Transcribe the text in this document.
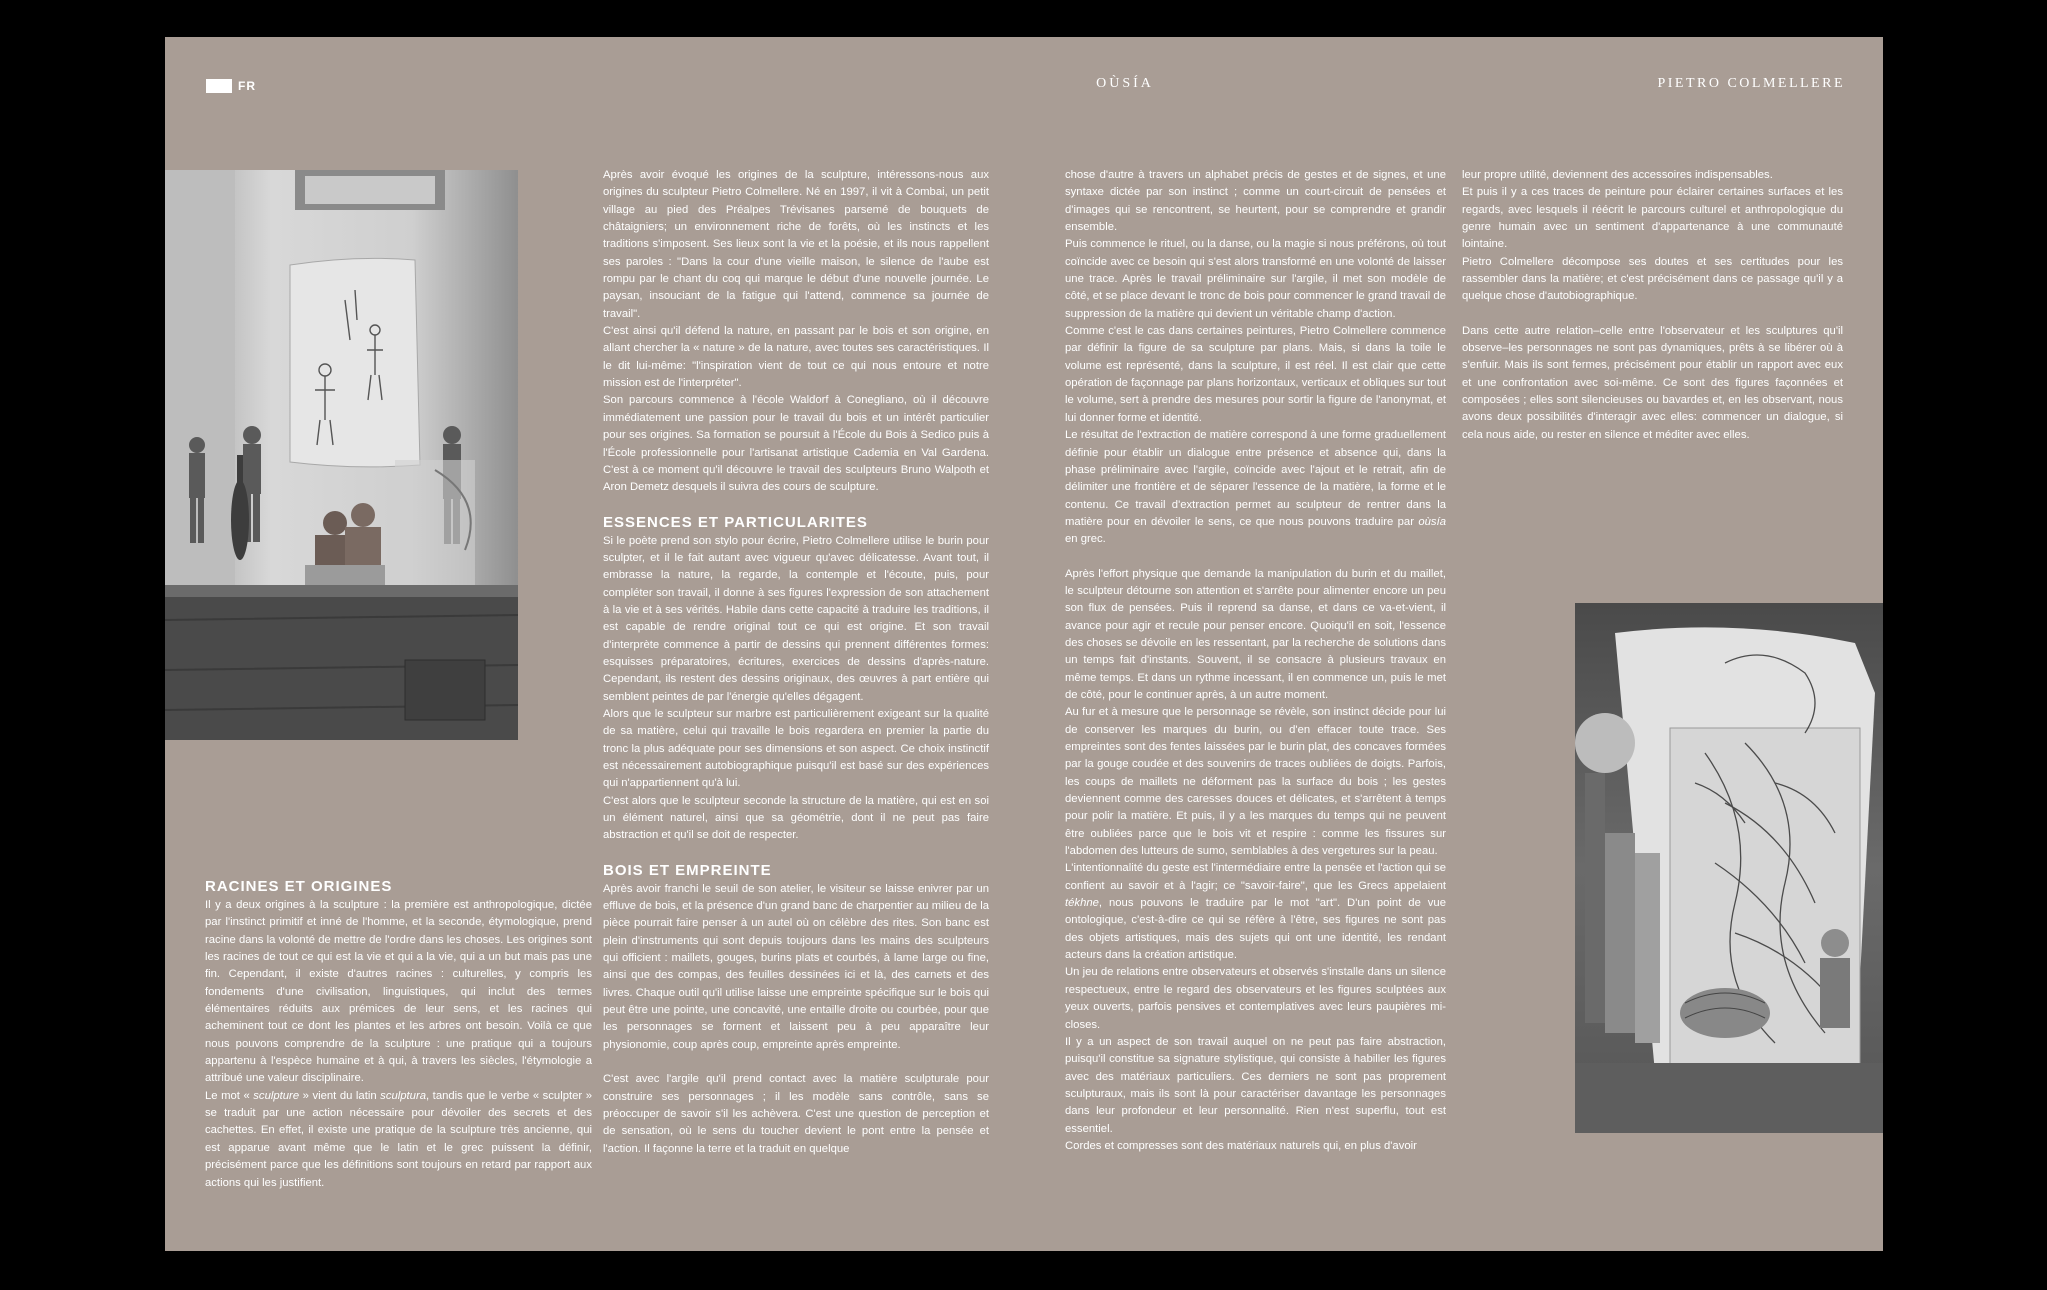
FR	OÙSÍA	PIETRO COLMELLERE
RACINES ET ORIGINES

Il y a deux origines à la sculpture : la première est anthropologique, dictée par l'instinct primitif et inné de l'homme, et la seconde, étymologique, prend racine dans la volonté de mettre de l'ordre dans les choses. Les origines sont les racines de tout ce qui est la vie et qui a la vie, qui a un but mais pas une fin. Cependant, il existe d'autres racines : culturelles, y compris les fondements d'une civilisation, linguistiques, qui inclut des termes élémentaires réduits aux prémices de leur sens, et les racines qui acheminent tout ce dont les plantes et les arbres ont besoin. Voilà ce que nous pouvons comprendre de la sculpture : une pratique qui a toujours appartenu à l'espèce humaine et à qui, à travers les siècles, l'étymologie a attribué une valeur disciplinaire.

Le mot « sculpture » vient du latin sculptura, tandis que le verbe « sculpter » se traduit par une action nécessaire pour dévoiler des secrets et des cachettes. En effet, il existe une pratique de la sculpture très ancienne, qui est apparue avant même que le latin et le grec puissent la définir, précisément parce que les définitions sont toujours en retard par rapport aux actions qui les justifient.

Après avoir évoqué les origines de la sculpture, intéressons-nous aux origines du sculpteur Pietro Colmellere. Né en 1997, il vit à Combai, un petit village au pied des Préalpes Trévisanes parsemé de bouquets de châtaigniers; un environnement riche de forêts, où les instincts et les traditions s'imposent. Ses lieux sont la vie et la poésie, et ils nous rappellent ses paroles : "Dans la cour d'une vieille maison, le silence de l'aube est rompu par le chant du coq qui marque le début d'une nouvelle journée. Le paysan, insouciant de la fatigue qui l'attend, commence sa journée de travail".

C'est ainsi qu'il défend la nature, en passant par le bois et son origine, en allant chercher la « nature » de la nature, avec toutes ses caractéristiques. Il le dit lui-même: "l'inspiration vient de tout ce qui nous entoure et notre mission est de l'interpréter".

Son parcours commence à l'école Waldorf à Conegliano, où il découvre immédiatement une passion pour le travail du bois et un intérêt particulier pour ses origines. Sa formation se poursuit à l'École du Bois à Sedico puis à l'École professionnelle pour l'artisanat artistique Cademia en Val Gardena. C'est à ce moment qu'il découvre le travail des sculpteurs Bruno Walpoth et Aron Demetz desquels il suivra des cours de sculpture.

ESSENCES ET PARTICULARITES

Si le poète prend son stylo pour écrire, Pietro Colmellere utilise le burin pour sculpter, et il le fait autant avec vigueur qu'avec délicatesse. Avant tout, il embrasse la nature, la regarde, la contemple et l'écoute, puis, pour compléter son travail, il donne à ses figures l'expression de son attachement à la vie et à ses vérités. Habile dans cette capacité à traduire les traditions, il est capable de rendre original tout ce qui est origine. Et son travail d'interprète commence à partir de dessins qui prennent différentes formes: esquisses préparatoires, écritures, exercices de dessins d'après-nature. Cependant, ils restent des dessins originaux, des œuvres à part entière qui semblent peintes de par l'énergie qu'elles dégagent.

Alors que le sculpteur sur marbre est particulièrement exigeant sur la qualité de sa matière, celui qui travaille le bois regardera en premier la partie du tronc la plus adéquate pour ses dimensions et son aspect. Ce choix instinctif est nécessairement autobiographique puisqu'il est basé sur des expériences qui n'appartiennent qu'à lui.

C'est alors que le sculpteur seconde la structure de la matière, qui est en soi un élément naturel, ainsi que sa géométrie, dont il ne peut pas faire abstraction et qu'il se doit de respecter.

BOIS ET EMPREINTE

Après avoir franchi le seuil de son atelier, le visiteur se laisse enivrer par un effluve de bois, et la présence d'un grand banc de charpentier au milieu de la pièce pourrait faire penser à un autel où on célèbre des rites. Son banc est plein d'instruments qui sont depuis toujours dans les mains des sculpteurs qui officient : maillets, gouges, burins plats et courbés, à lame large ou fine, ainsi que des compas, des feuilles dessinées ici et là, des carnets et des livres. Chaque outil qu'il utilise laisse une empreinte spécifique sur le bois qui peut être une pointe, une concavité, une entaille droite ou courbée, pour que les personnages se forment et laissent peu à peu apparaître leur physionomie, coup après coup, empreinte après empreinte.

C'est avec l'argile qu'il prend contact avec la matière sculpturale pour construire ses personnages ; il les modèle sans contrôle, sans se préoccuper de savoir s'il les achèvera. C'est une question de perception et de sensation, où le sens du toucher devient le pont entre la pensée et l'action. Il façonne la terre et la traduit en quelque

chose d'autre à travers un alphabet précis de gestes et de signes, et une syntaxe dictée par son instinct ; comme un court-circuit de pensées et d'images qui se rencontrent, se heurtent, pour se comprendre et grandir ensemble.

Puis commence le rituel, ou la danse, ou la magie si nous préférons, où tout coïncide avec ce besoin qui s'est alors transformé en une volonté de laisser une trace. Après le travail préliminaire sur l'argile, il met son modèle de côté, et se place devant le tronc de bois pour commencer le grand travail de suppression de la matière qui devient un véritable champ d'action.

Comme c'est le cas dans certaines peintures, Pietro Colmellere commence par définir la figure de sa sculpture par plans. Mais, si dans la toile le volume est représenté, dans la sculpture, il est réel. Il est clair que cette opération de façonnage par plans horizontaux, verticaux et obliques sur tout le volume, sert à prendre des mesures pour sortir la figure de l'anonymat, et lui donner forme et identité.

Le résultat de l'extraction de matière correspond à une forme graduellement définie pour établir un dialogue entre présence et absence qui, dans la phase préliminaire avec l'argile, coïncide avec l'ajout et le retrait, afin de délimiter une frontière et de séparer l'essence de la matière, la forme et le contenu. Ce travail d'extraction permet au sculpteur de rentrer dans la matière pour en dévoiler le sens, ce que nous pouvons traduire par oùsía en grec.

Après l'effort physique que demande la manipulation du burin et du maillet, le sculpteur détourne son attention et s'arrête pour alimenter encore un peu son flux de pensées. Puis il reprend sa danse, et dans ce va-et-vient, il avance pour agir et recule pour penser encore. Quoiqu'il en soit, l'essence des choses se dévoile en les ressentant, par la recherche de solutions dans un temps fait d'instants. Souvent, il se consacre à plusieurs travaux en même temps. Et dans un rythme incessant, il en commence un, puis le met de côté, pour le continuer après, à un autre moment.

Au fur et à mesure que le personnage se révèle, son instinct décide pour lui de conserver les marques du burin, ou d'en effacer toute trace. Ses empreintes sont des fentes laissées par le burin plat, des concaves formées par la gouge coudée et des souvenirs de traces oubliées de doigts. Parfois, les coups de maillets ne déforment pas la surface du bois ; les gestes deviennent comme des caresses douces et délicates, et s'arrêtent à temps pour polir la matière. Et puis, il y a les marques du temps qui ne peuvent être oubliées parce que le bois vit et respire : comme les fissures sur l'abdomen des lutteurs de sumo, semblables à des vergetures sur la peau.

L'intentionnalité du geste est l'intermédiaire entre la pensée et l'action qui se confient au savoir et à l'agir; ce "savoir-faire", que les Grecs appelaient tékhne, nous pouvons le traduire par le mot "art". D'un point de vue ontologique, c'est-à-dire ce qui se réfère à l'être, ses figures ne sont pas des objets artistiques, mais des sujets qui ont une identité, les rendant acteurs dans la création artistique.

Un jeu de relations entre observateurs et observés s'installe dans un silence respectueux, entre le regard des observateurs et les figures sculptées aux yeux ouverts, parfois pensives et contemplatives avec leurs paupières mi-closes.

Il y a un aspect de son travail auquel on ne peut pas faire abstraction, puisqu'il constitue sa signature stylistique, qui consiste à habiller les figures avec des matériaux particuliers. Ces derniers ne sont pas proprement sculpturaux, mais ils sont là pour caractériser davantage les personnages dans leur profondeur et leur personnalité. Rien n'est superflu, tout est essentiel.

Cordes et compresses sont des matériaux naturels qui, en plus d'avoir

leur propre utilité, deviennent des accessoires indispensables.

Et puis il y a ces traces de peinture pour éclairer certaines surfaces et les regards, avec lesquels il réécrit le parcours culturel et anthropologique du genre humain avec un sentiment d'appartenance à une communauté lointaine.

Pietro Colmellere décompose ses doutes et ses certitudes pour les rassembler dans la matière; et c'est précisément dans ce passage qu'il y a quelque chose d'autobiographique.

Dans cette autre relation–celle entre l'observateur et les sculptures qu'il observe–les personnages ne sont pas dynamiques, prêts à se libérer où à s'enfuir. Mais ils sont fermes, précisément pour établir un rapport avec eux et une confrontation avec soi-même. Ce sont des figures façonnées et composées ; elles sont silencieuses ou bavardes et, en les observant, nous avons deux possibilités d'interagir avec elles: commencer un dialogue, si cela nous aide, ou rester en silence et méditer avec elles.
